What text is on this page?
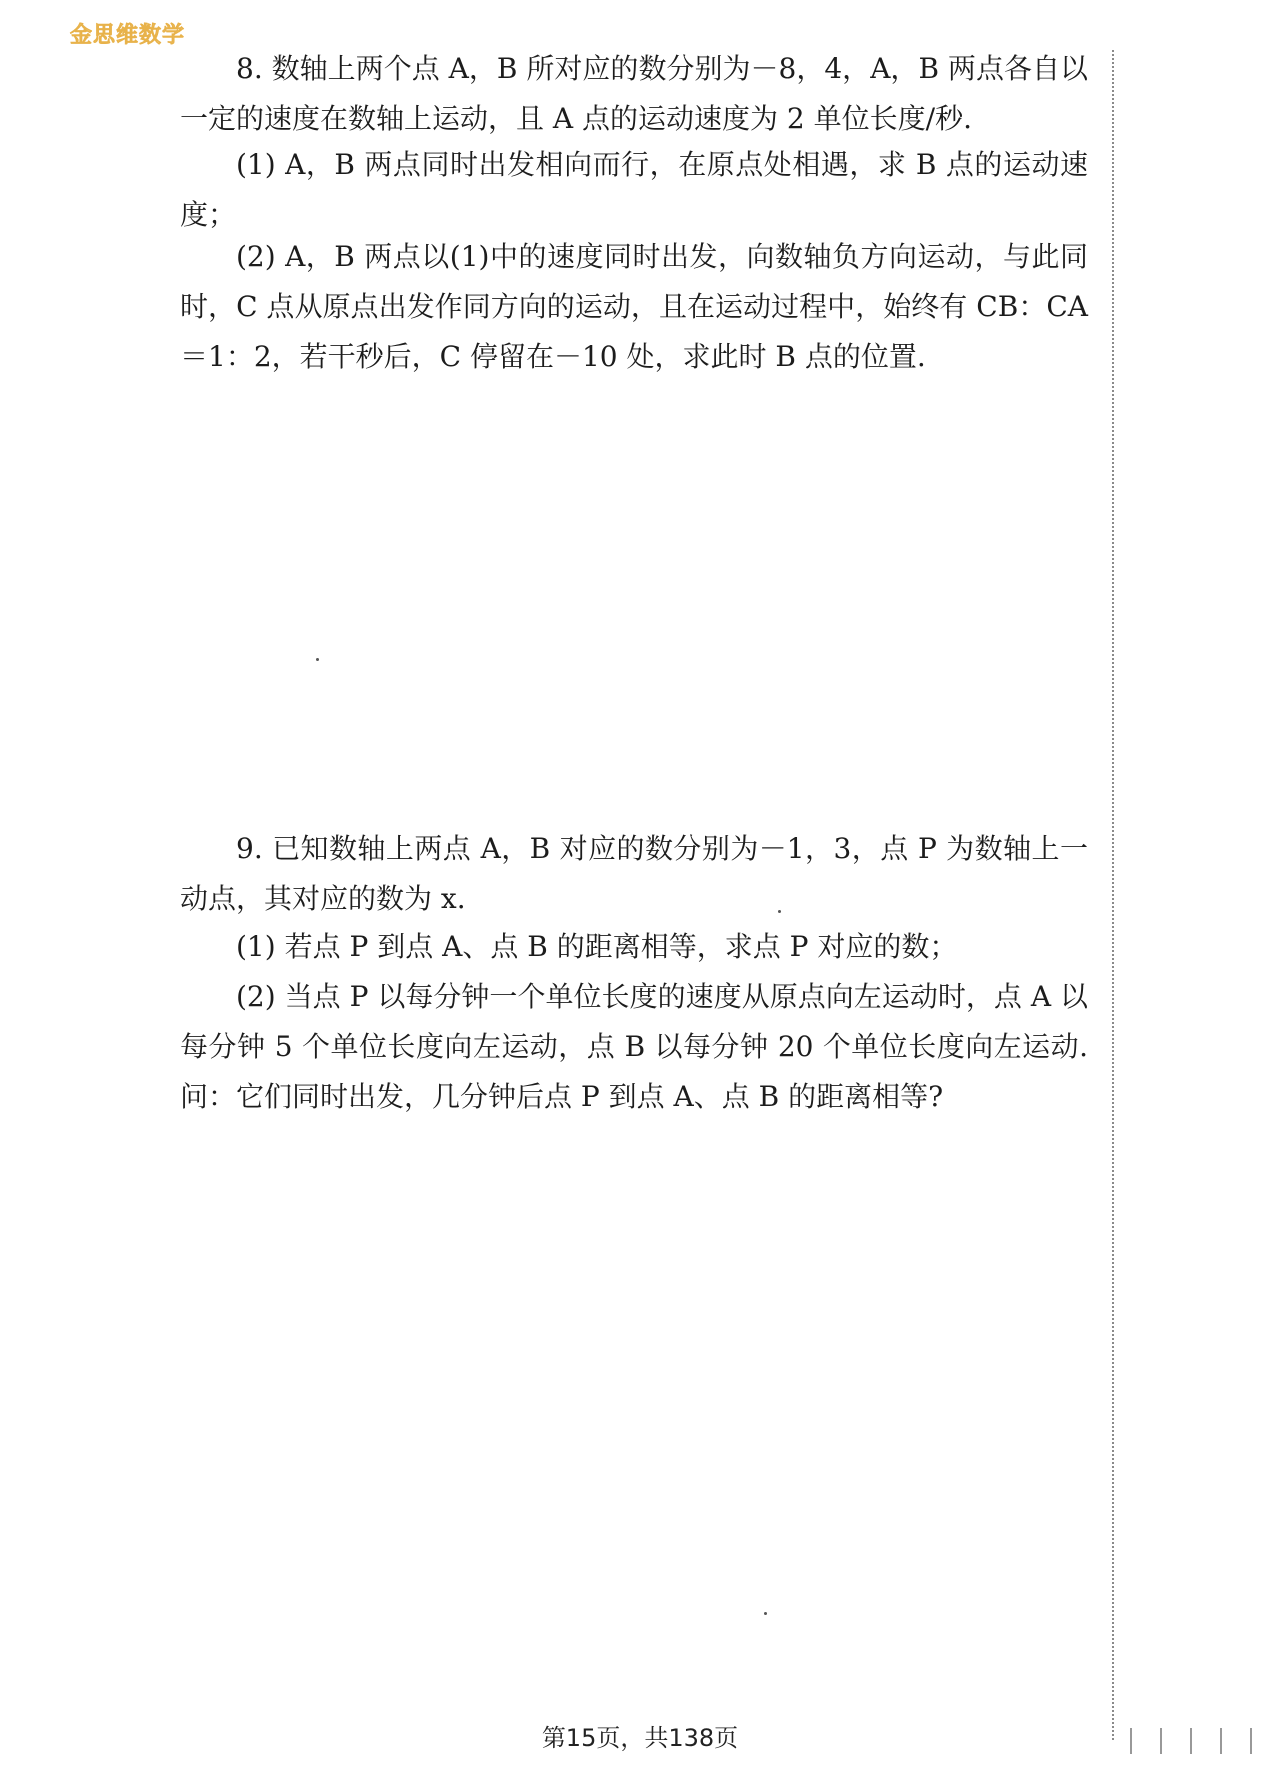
金思维数学
8. 数轴上两个点 A，B 所对应的数分别为－8，4，A，B 两点各自以一定的速度在数轴上运动，且 A 点的运动速度为 2 单位长度/秒.
(1) A，B 两点同时出发相向而行，在原点处相遇，求 B 点的运动速度；
(2) A，B 两点以(1)中的速度同时出发，向数轴负方向运动，与此同时，C 点从原点出发作同方向的运动，且在运动过程中，始终有 CB：CA＝1：2，若干秒后，C 停留在－10 处，求此时 B 点的位置.
9. 已知数轴上两点 A，B 对应的数分别为－1，3，点 P 为数轴上一动点，其对应的数为 x.
(1) 若点 P 到点 A、点 B 的距离相等，求点 P 对应的数；
(2) 当点 P 以每分钟一个单位长度的速度从原点向左运动时，点 A 以每分钟 5 个单位长度向左运动，点 B 以每分钟 20 个单位长度向左运动. 问：它们同时出发，几分钟后点 P 到点 A、点 B 的距离相等?
第15页，共138页
